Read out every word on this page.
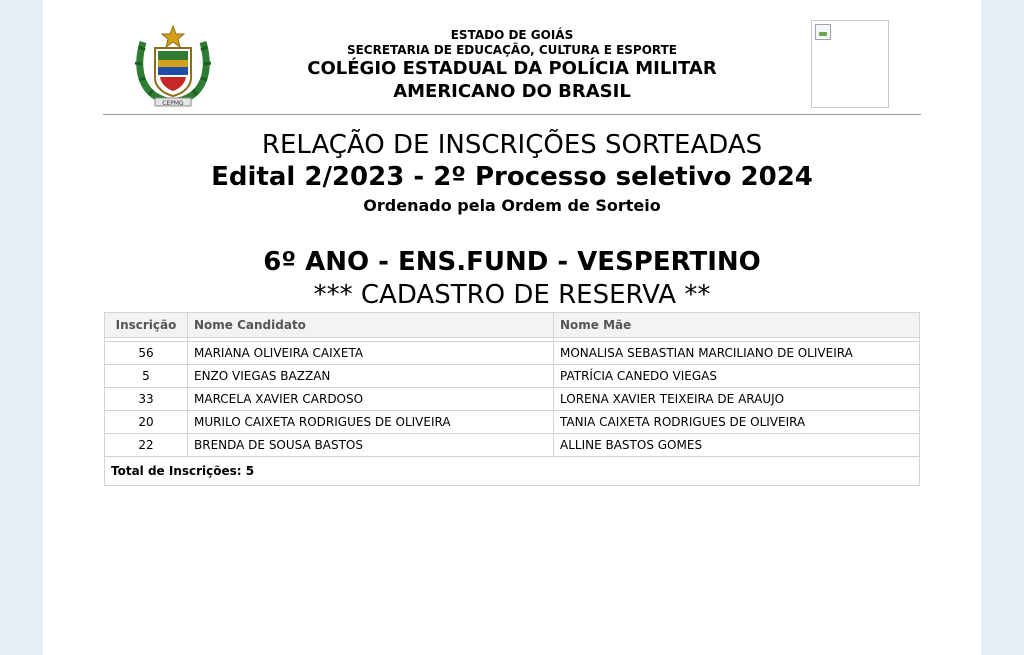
CEPMG
ESTADO DE GOIÁS
SECRETARIA DE EDUCAÇÃO, CULTURA E ESPORTE
COLÉGIO ESTADUAL DA POLÍCIA MILITAR
AMERICANO DO BRASIL
RELAÇÃO DE INSCRIÇÕES SORTEADAS
Edital 2/2023 - 2º Processo seletivo 2024
Ordenado pela Ordem de Sorteio
6º ANO - ENS.FUND - VESPERTINO
*** CADASTRO DE RESERVA **
Inscrição	Nome Candidato	Nome Mãe

56	MARIANA OLIVEIRA CAIXETA	MONALISA SEBASTIAN MARCILIANO DE OLIVEIRA
5	ENZO VIEGAS BAZZAN	PATRÍCIA CANEDO VIEGAS
33	MARCELA XAVIER CARDOSO	LORENA XAVIER TEIXEIRA DE ARAUJO
20	MURILO CAIXETA RODRIGUES DE OLIVEIRA	TANIA CAIXETA RODRIGUES DE OLIVEIRA
22	BRENDA DE SOUSA BASTOS	ALLINE BASTOS GOMES
Total de Inscrições: 5		
